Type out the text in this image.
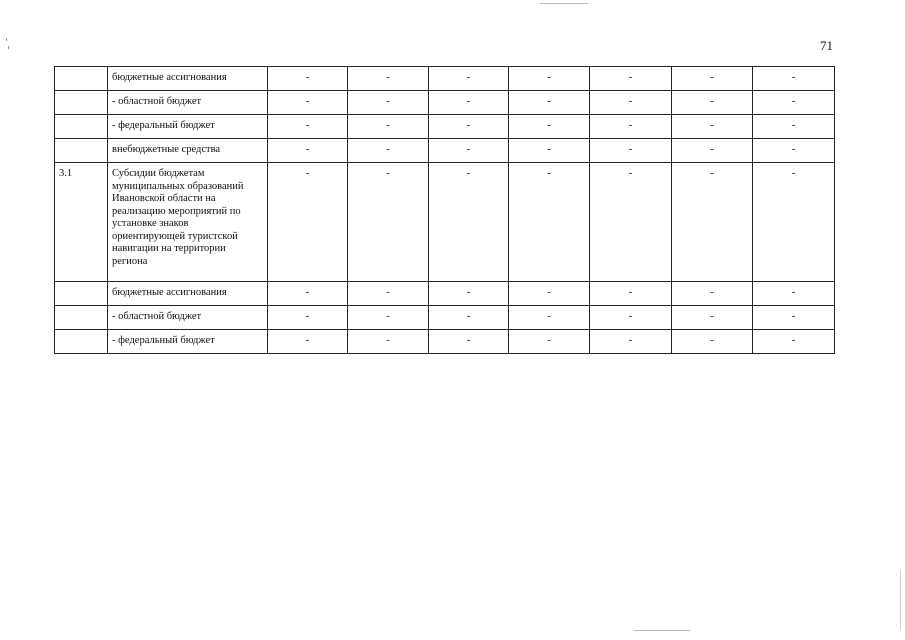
71
	бюджетные ассигнования	-	-	-	-	-	-	-
	- областной бюджет	-	-	-	-	-	-	-
	- федеральный бюджет	-	-	-	-	-	-	-
	внебюджетные средства	-	-	-	-	-	-	-
3.1	Субсидии бюджетам муниципальных образований Ивановской области на реализацию мероприятий по установке знаков ориентирующей туристской навигации на территории региона	-	-	-	-	-	-	-
	бюджетные ассигнования	-	-	-	-	-	-	-
	- областной бюджет	-	-	-	-	-	-	-
	- федеральный бюджет	-	-	-	-	-	-	-
